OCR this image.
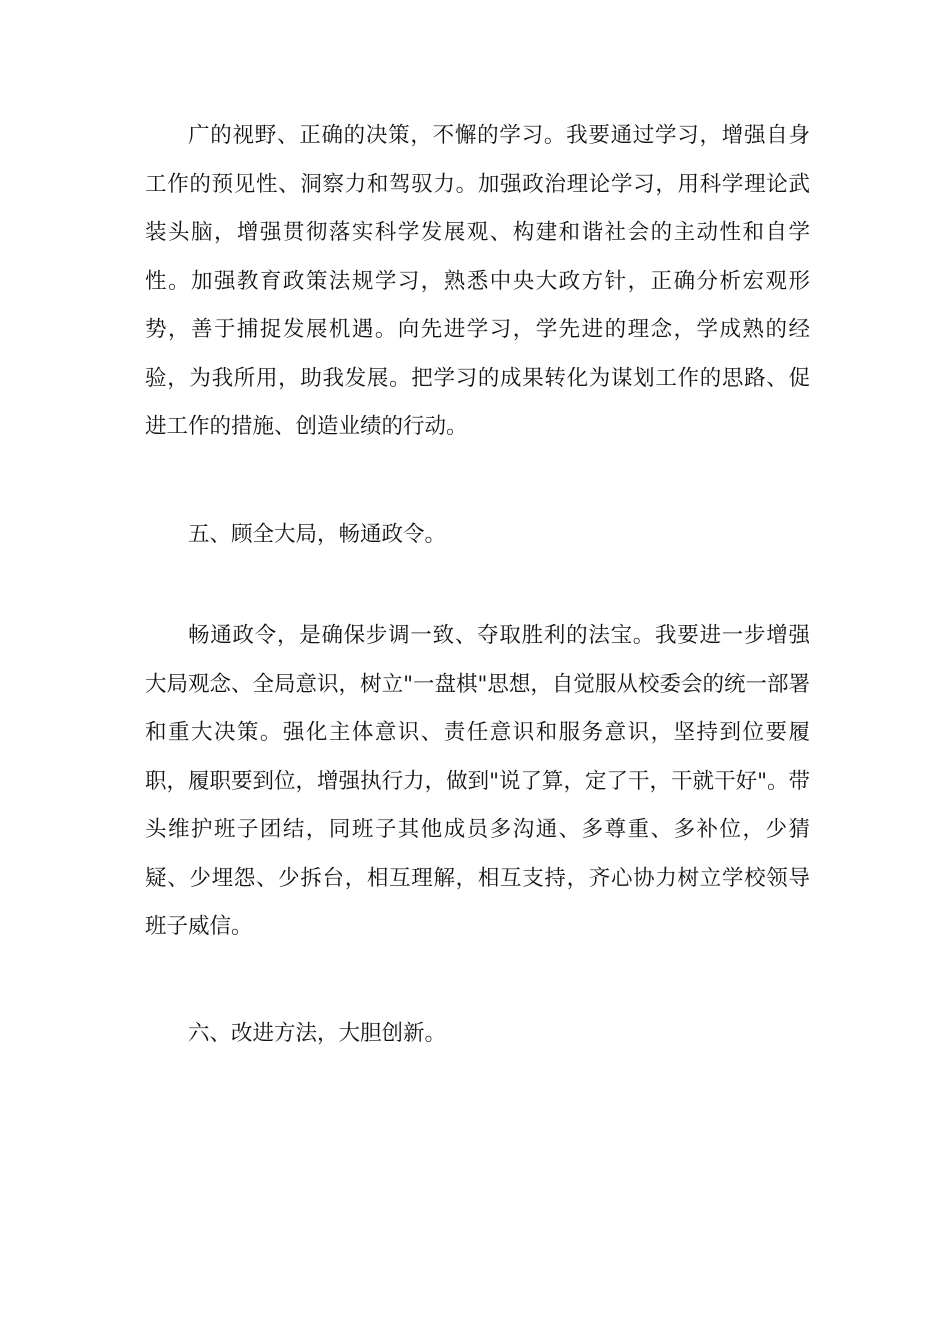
广的视野、正确的决策，不懈的学习。我要通过学习，增强自身工作的预见性、洞察力和驾驭力。加强政治理论学习，用科学理论武装头脑，增强贯彻落实科学发展观、构建和谐社会的主动性和自学性。加强教育政策法规学习，熟悉中央大政方针，正确分析宏观形势，善于捕捉发展机遇。向先进学习，学先进的理念，学成熟的经验，为我所用，助我发展。把学习的成果转化为谋划工作的思路、促进工作的措施、创造业绩的行动。

五、顾全大局，畅通政令。

畅通政令，是确保步调一致、夺取胜利的法宝。我要进一步增强大局观念、全局意识，树立"一盘棋"思想，自觉服从校委会的统一部署和重大决策。强化主体意识、责任意识和服务意识，坚持到位要履职，履职要到位，增强执行力，做到"说了算，定了干，干就干好"。带头维护班子团结，同班子其他成员多沟通、多尊重、多补位，少猜疑、少埋怨、少拆台，相互理解，相互支持，齐心协力树立学校领导班子威信。

六、改进方法，大胆创新。
